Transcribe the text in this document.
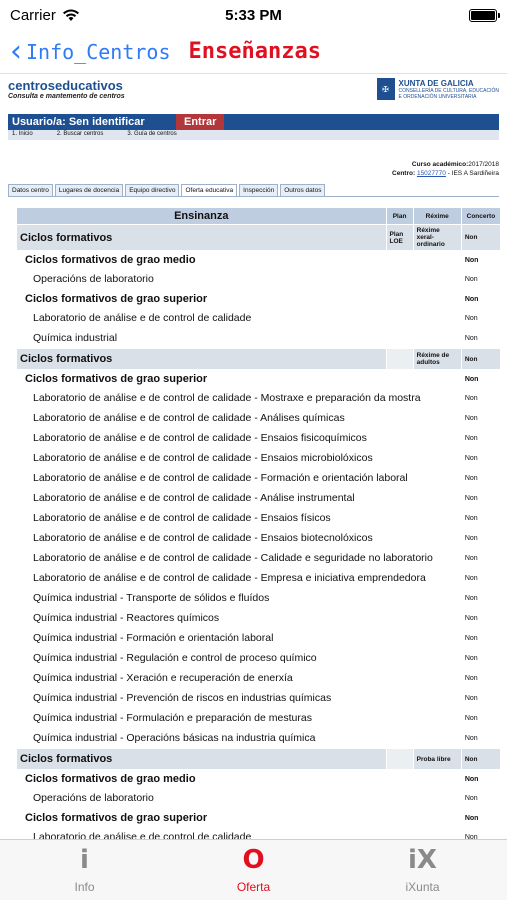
Carrier	5:33 PM
‹ Info_Centros Enseñanzas
centroseducativos
Consulta e mantemento de centros
✠
XUNTA DE GALICIA
CONSELLERÍA DE CULTURA, EDUCACIÓN
E ORDENACIÓN UNIVERSITARIA
Usuario/a: Sen identificar	Entrar
1. Inicio	2. Buscar centros	3. Guía de centros
Curso académico:2017/2018
Centro: 15027770 - IES A Sardiñeira
Datos centro	Lugares de docencia	Equipo directivo	Oferta educativa	Inspección	Outros datos
Ensinanza	Plan	Réxime	Concerto
Ciclos formativos	Plan LOE	Réxime xeral-ordinario	Non
Ciclos formativos de grao medio			Non
Operacións de laboratorio			Non
Ciclos formativos de grao superior			Non
Laboratorio de análise e de control de calidade			Non
Química industrial			Non
Ciclos formativos		Réxime de adultos	Non
Ciclos formativos de grao superior			Non
Laboratorio de análise e de control de calidade - Mostraxe e preparación da mostra			Non
Laboratorio de análise e de control de calidade - Análises químicas			Non
Laboratorio de análise e de control de calidade - Ensaios fisicoquímicos			Non
Laboratorio de análise e de control de calidade - Ensaios microbiolóxicos			Non
Laboratorio de análise e de control de calidade - Formación e orientación laboral			Non
Laboratorio de análise e de control de calidade - Análise instrumental			Non
Laboratorio de análise e de control de calidade - Ensaios físicos			Non
Laboratorio de análise e de control de calidade - Ensaios biotecnolóxicos			Non
Laboratorio de análise e de control de calidade - Calidade e seguridade no laboratorio			Non
Laboratorio de análise e de control de calidade - Empresa e iniciativa emprendedora			Non
Química industrial - Transporte de sólidos e fluídos			Non
Química industrial - Reactores químicos			Non
Química industrial - Formación e orientación laboral			Non
Química industrial - Regulación e control de proceso químico			Non
Química industrial - Xeración e recuperación de enerxía			Non
Química industrial - Prevención de riscos en industrias químicas			Non
Química industrial - Formulación e preparación de mesturas			Non
Química industrial - Operacións básicas na industria química			Non
Ciclos formativos		Proba libre	Non
Ciclos formativos de grao medio			Non
Operacións de laboratorio			Non
Ciclos formativos de grao superior			Non
Laboratorio de análise e de control de calidade			Non
i
Info
O
Oferta
iX
iXunta
